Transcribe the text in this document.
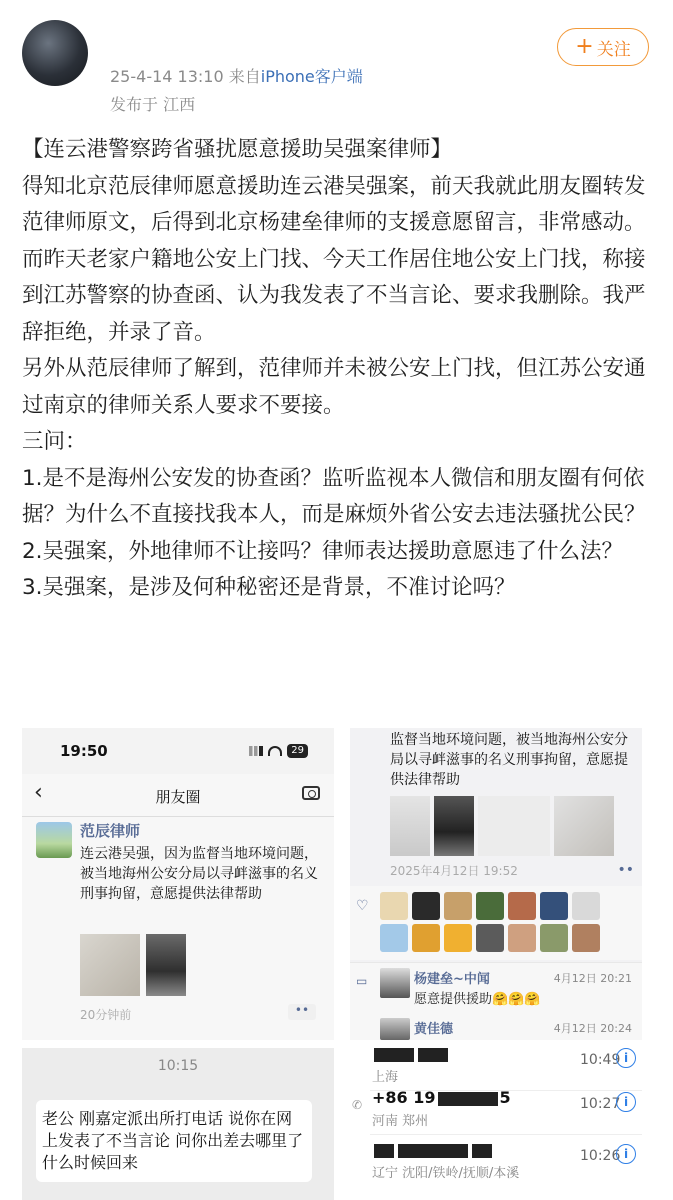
25-4-14 13:10 来自iPhone客户端
发布于 江西
+ 关注

【连云港警察跨省骚扰愿意援助吴强案律师】

得知北京范辰律师愿意援助连云港吴强案，前天我就此朋友圈转发范律师原文，后得到北京杨建垒律师的支援意愿留言，非常感动。

而昨天老家户籍地公安上门找、今天工作居住地公安上门找，称接到江苏警察的协查函、认为我发表了不当言论、要求我删除。我严辞拒绝，并录了音。

另外从范辰律师了解到，范律师并未被公安上门找，但江苏公安通过南京的律师关系人要求不要接。

三问：

1.是不是海州公安发的协查函？监听监视本人微信和朋友圈有何依据？为什么不直接找我本人，而是麻烦外省公安去违法骚扰公民？

2.吴强案，外地律师不让接吗？律师表达援助意愿违了什么法？

3.吴强案，是涉及何种秘密还是背景，不准讨论吗？

19:50	29
‹	朋友圈
范辰律师
连云港吴强，因为监督当地环境问题，被当地海州公安分局以寻衅滋事的名义刑事拘留，意愿提供法律帮助
20分钟前	••
监督当地环境问题，被当地海州公安分局以寻衅滋事的名义刑事拘留，意愿提供法律帮助
2025年4月12日 19:52	••
♡
▭	杨建垒~中闻	4月12日 20:21
愿意提供援助🤗🤗🤗
黄佳德	4月12日 20:24
10:15
老公 刚嘉定派出所打电话 说你在网上发表了不当言论 问你出差去哪里了 什么时候回来
上海
10:49 i
+86 19	5
河南 郑州
10:27 i
辽宁 沈阳/铁岭/抚顺/本溪
10:26 i
✆
